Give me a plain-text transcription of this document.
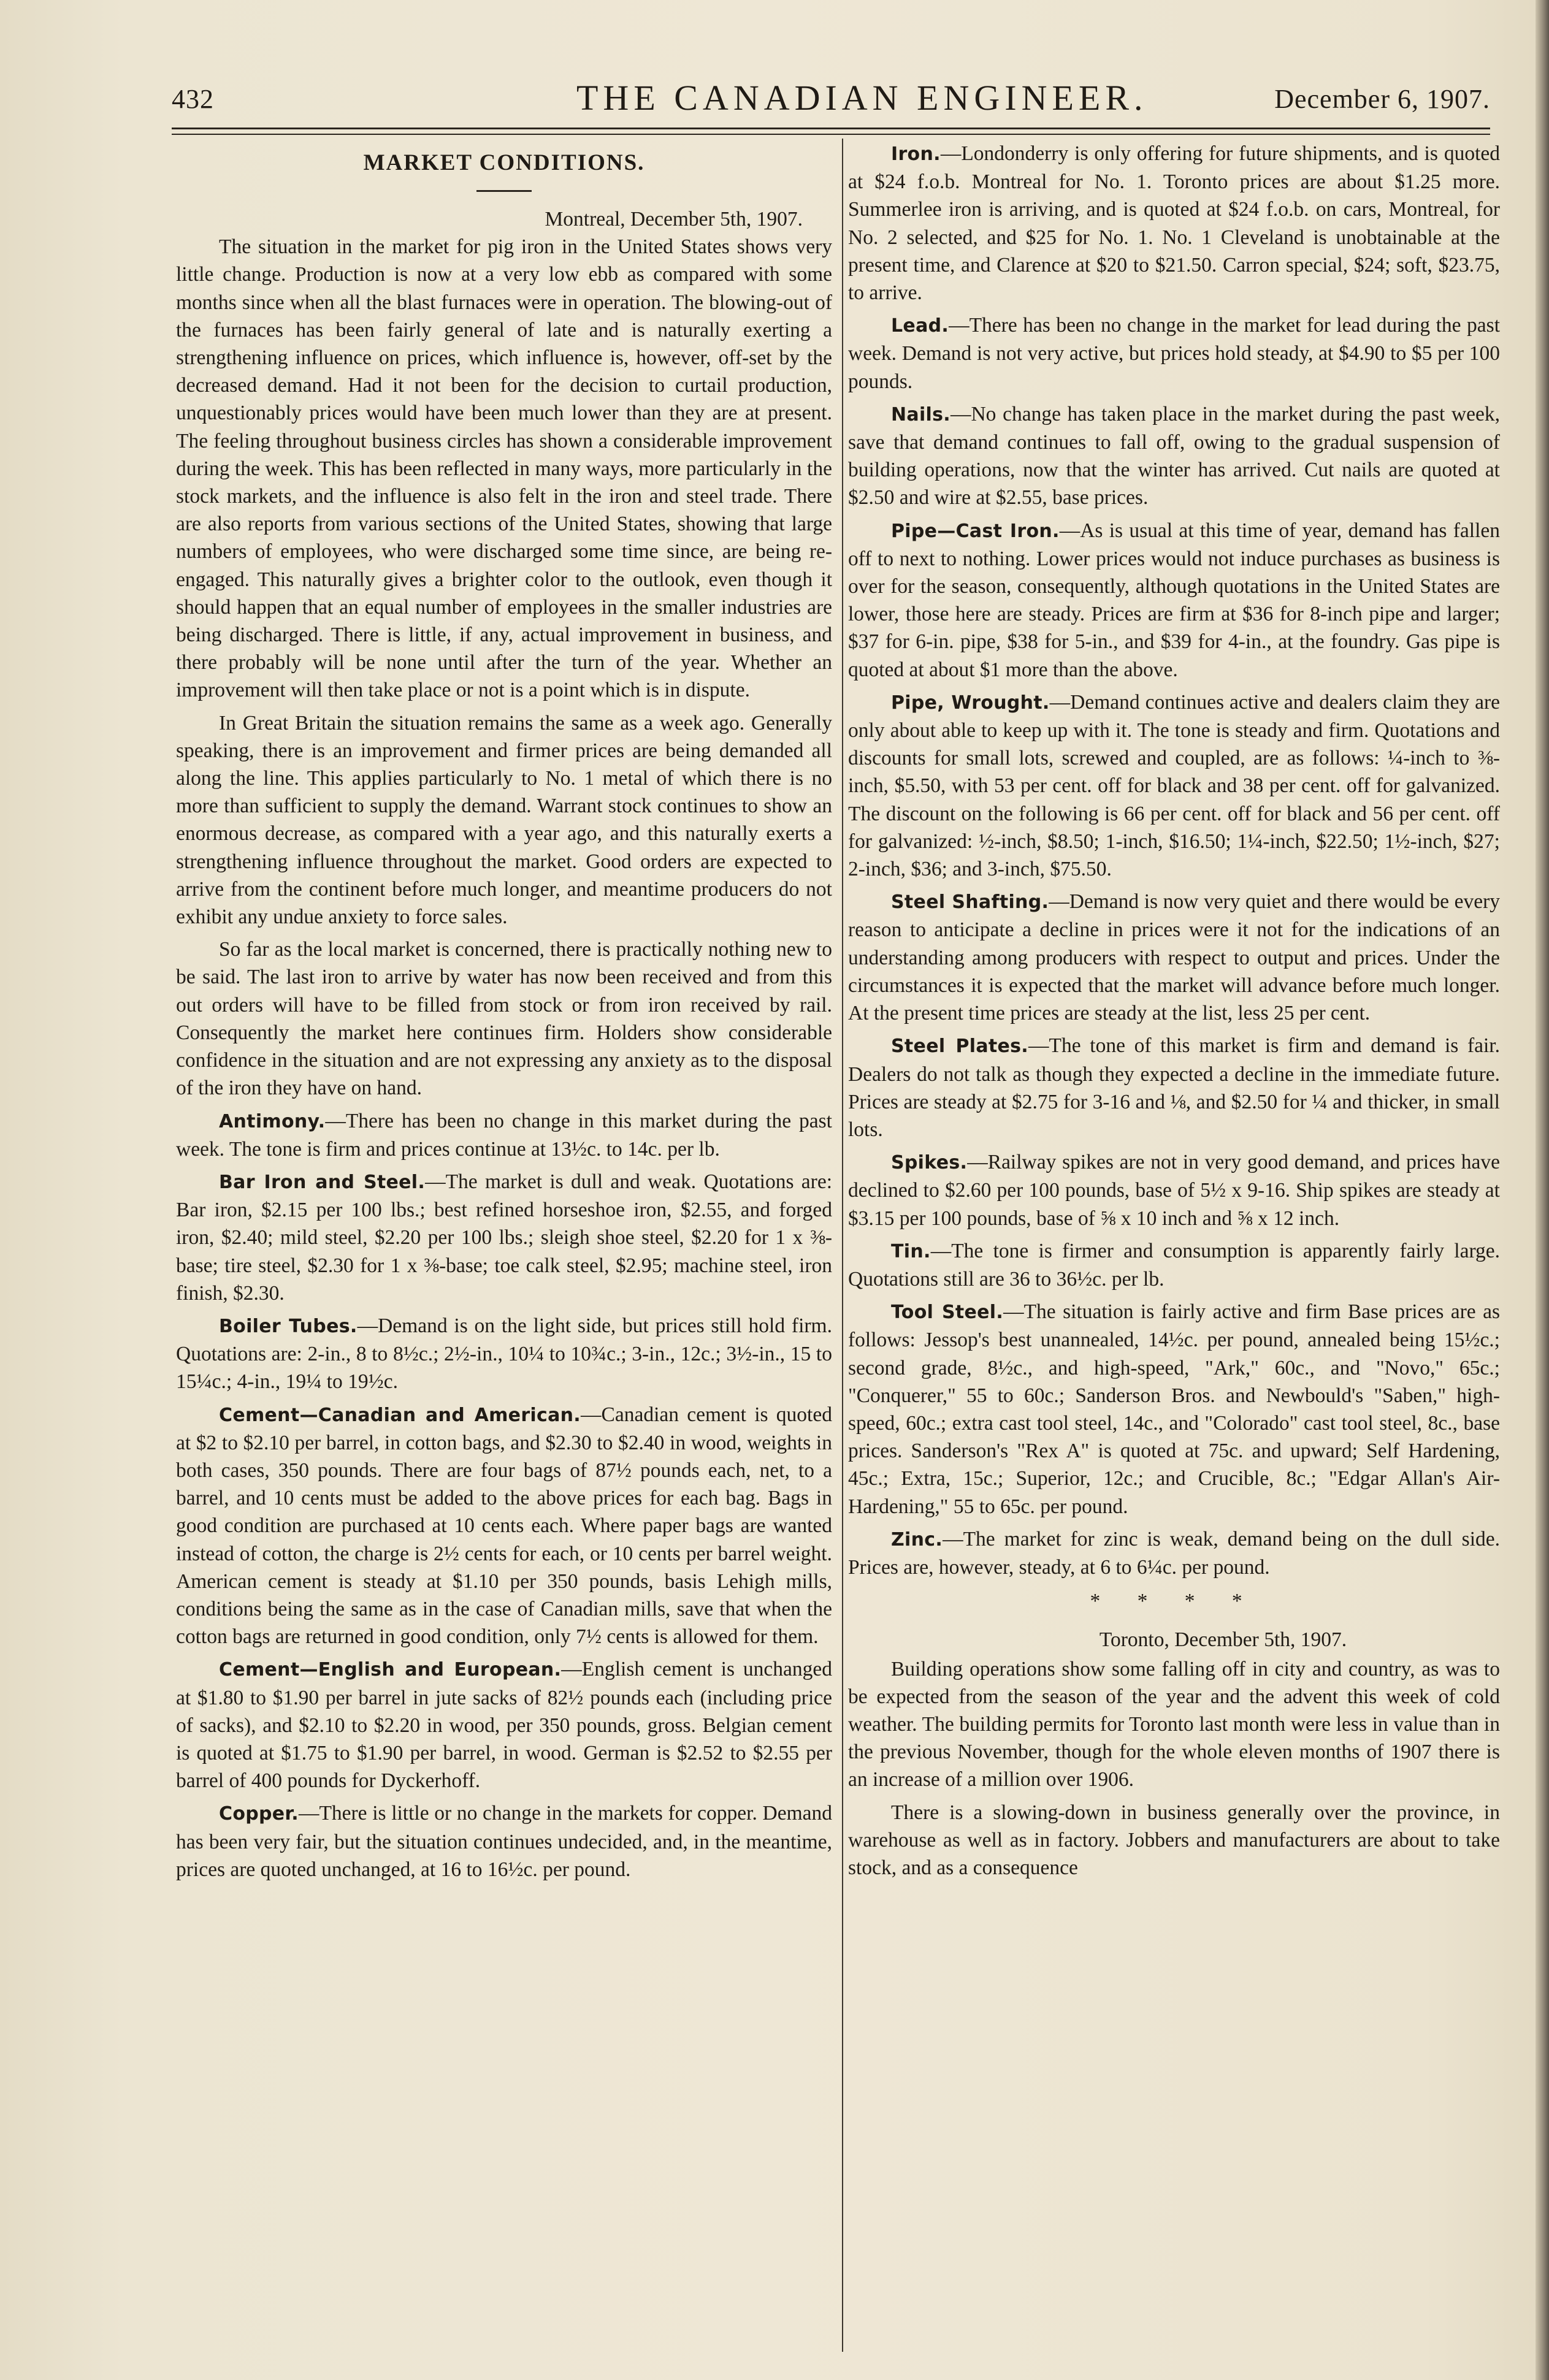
432	THE CANADIAN ENGINEER.	December 6, 1907.
MARKET CONDITIONS.
Montreal, December 5th, 1907.

The situation in the market for pig iron in the United States shows very little change. Production is now at a very low ebb as compared with some months since when all the blast furnaces were in operation. The blowing-out of the furnaces has been fairly general of late and is naturally exerting a strengthening influence on prices, which influence is, however, off-set by the decreased demand. Had it not been for the decision to curtail production, unquestionably prices would have been much lower than they are at present. The feeling throughout business circles has shown a considerable improvement during the week. This has been reflected in many ways, more particularly in the stock markets, and the influence is also felt in the iron and steel trade. There are also reports from various sections of the United States, showing that large numbers of employees, who were discharged some time since, are being re-engaged. This naturally gives a brighter color to the outlook, even though it should happen that an equal number of employees in the smaller industries are being discharged. There is little, if any, actual improvement in business, and there probably will be none until after the turn of the year. Whether an improvement will then take place or not is a point which is in dispute.

In Great Britain the situation remains the same as a week ago. Generally speaking, there is an improvement and firmer prices are being demanded all along the line. This applies particularly to No. 1 metal of which there is no more than sufficient to supply the demand. Warrant stock continues to show an enormous decrease, as compared with a year ago, and this naturally exerts a strengthening influence throughout the market. Good orders are expected to arrive from the continent before much longer, and meantime producers do not exhibit any undue anxiety to force sales.

So far as the local market is concerned, there is practically nothing new to be said. The last iron to arrive by water has now been received and from this out orders will have to be filled from stock or from iron received by rail. Consequently the market here continues firm. Holders show considerable confidence in the situation and are not expressing any anxiety as to the disposal of the iron they have on hand.

Antimony.—There has been no change in this market during the past week. The tone is firm and prices continue at 13½c. to 14c. per lb.

Bar Iron and Steel.—The market is dull and weak. Quotations are: Bar iron, $2.15 per 100 lbs.; best refined horseshoe iron, $2.55, and forged iron, $2.40; mild steel, $2.20 per 100 lbs.; sleigh shoe steel, $2.20 for 1 x ⅜-base; tire steel, $2.30 for 1 x ⅜-base; toe calk steel, $2.95; machine steel, iron finish, $2.30.

Boiler Tubes.—Demand is on the light side, but prices still hold firm. Quotations are: 2-in., 8 to 8½c.; 2½-in., 10¼ to 10¾c.; 3-in., 12c.; 3½-in., 15 to 15¼c.; 4-in., 19¼ to 19½c.

Cement—Canadian and American.—Canadian cement is quoted at $2 to $2.10 per barrel, in cotton bags, and $2.30 to $2.40 in wood, weights in both cases, 350 pounds. There are four bags of 87½ pounds each, net, to a barrel, and 10 cents must be added to the above prices for each bag. Bags in good condition are purchased at 10 cents each. Where paper bags are wanted instead of cotton, the charge is 2½ cents for each, or 10 cents per barrel weight. American cement is steady at $1.10 per 350 pounds, basis Lehigh mills, conditions being the same as in the case of Canadian mills, save that when the cotton bags are returned in good condition, only 7½ cents is allowed for them.

Cement—English and European.—English cement is unchanged at $1.80 to $1.90 per barrel in jute sacks of 82½ pounds each (including price of sacks), and $2.10 to $2.20 in wood, per 350 pounds, gross. Belgian cement is quoted at $1.75 to $1.90 per barrel, in wood. German is $2.52 to $2.55 per barrel of 400 pounds for Dyckerhoff.

Copper.—There is little or no change in the markets for copper. Demand has been very fair, but the situation continues undecided, and, in the meantime, prices are quoted unchanged, at 16 to 16½c. per pound.

Iron.—Londonderry is only offering for future shipments, and is quoted at $24 f.o.b. Montreal for No. 1. Toronto prices are about $1.25 more. Summerlee iron is arriving, and is quoted at $24 f.o.b. on cars, Montreal, for No. 2 selected, and $25 for No. 1. No. 1 Cleveland is unobtainable at the present time, and Clarence at $20 to $21.50. Carron special, $24; soft, $23.75, to arrive.

Lead.—There has been no change in the market for lead during the past week. Demand is not very active, but prices hold steady, at $4.90 to $5 per 100 pounds.

Nails.—No change has taken place in the market during the past week, save that demand continues to fall off, owing to the gradual suspension of building operations, now that the winter has arrived. Cut nails are quoted at $2.50 and wire at $2.55, base prices.

Pipe—Cast Iron.—As is usual at this time of year, demand has fallen off to next to nothing. Lower prices would not induce purchases as business is over for the season, consequently, although quotations in the United States are lower, those here are steady. Prices are firm at $36 for 8-inch pipe and larger; $37 for 6-in. pipe, $38 for 5-in., and $39 for 4-in., at the foundry. Gas pipe is quoted at about $1 more than the above.

Pipe, Wrought.—Demand continues active and dealers claim they are only about able to keep up with it. The tone is steady and firm. Quotations and discounts for small lots, screwed and coupled, are as follows: ¼-inch to ⅜-inch, $5.50, with 53 per cent. off for black and 38 per cent. off for galvanized. The discount on the following is 66 per cent. off for black and 56 per cent. off for galvanized: ½-inch, $8.50; 1-inch, $16.50; 1¼-inch, $22.50; 1½-inch, $27; 2-inch, $36; and 3-inch, $75.50.

Steel Shafting.—Demand is now very quiet and there would be every reason to anticipate a decline in prices were it not for the indications of an understanding among producers with respect to output and prices. Under the circumstances it is expected that the market will advance before much longer. At the present time prices are steady at the list, less 25 per cent.

Steel Plates.—The tone of this market is firm and demand is fair. Dealers do not talk as though they expected a decline in the immediate future. Prices are steady at $2.75 for 3-16 and ⅛, and $2.50 for ¼ and thicker, in small lots.

Spikes.—Railway spikes are not in very good demand, and prices have declined to $2.60 per 100 pounds, base of 5½ x 9-16. Ship spikes are steady at $3.15 per 100 pounds, base of ⅝ x 10 inch and ⅝ x 12 inch.

Tin.—The tone is firmer and consumption is apparently fairly large. Quotations still are 36 to 36½c. per lb.

Tool Steel.—The situation is fairly active and firm Base prices are as follows: Jessop's best unannealed, 14½c. per pound, annealed being 15½c.; second grade, 8½c., and high-speed, "Ark," 60c., and "Novo," 65c.; "Conquerer," 55 to 60c.; Sanderson Bros. and Newbould's "Saben," high-speed, 60c.; extra cast tool steel, 14c., and "Colorado" cast tool steel, 8c., base prices. Sanderson's "Rex A" is quoted at 75c. and upward; Self Hardening, 45c.; Extra, 15c.; Superior, 12c.; and Crucible, 8c.; "Edgar Allan's Air-Hardening," 55 to 65c. per pound.

Zinc.—The market for zinc is weak, demand being on the dull side. Prices are, however, steady, at 6 to 6¼c. per pound.

* * * *
Toronto, December 5th, 1907.

Building operations show some falling off in city and country, as was to be expected from the season of the year and the advent this week of cold weather. The building permits for Toronto last month were less in value than in the previous November, though for the whole eleven months of 1907 there is an increase of a million over 1906.

There is a slowing-down in business generally over the province, in warehouse as well as in factory. Jobbers and manufacturers are about to take stock, and as a consequence
